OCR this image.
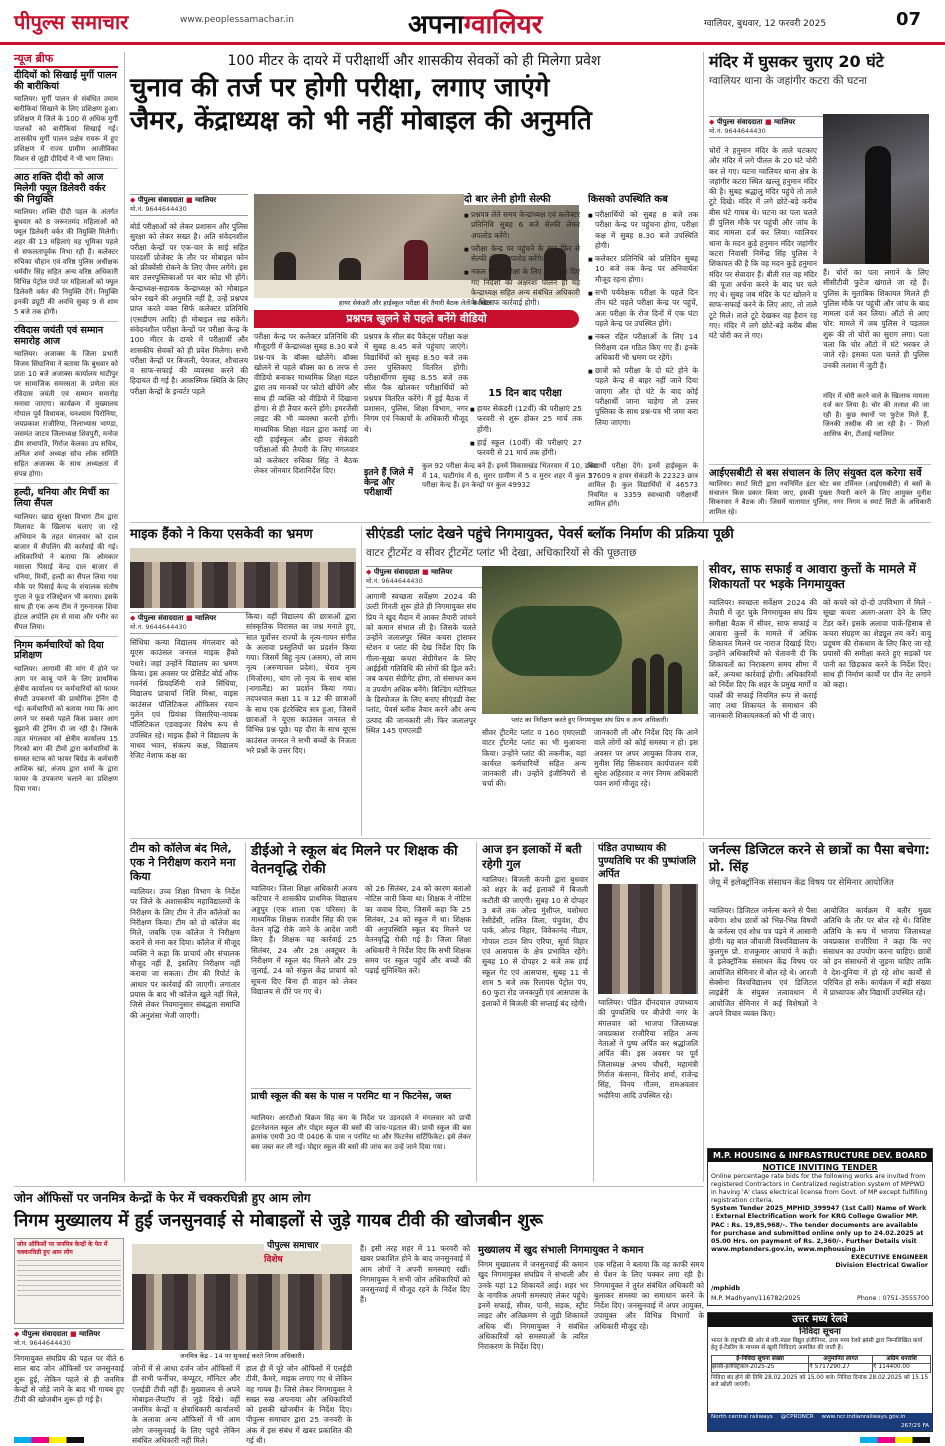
पीपुल्स समाचार	www.peoplessamachar.in	अपनाग्वालियर	ग्वालियर, बुधवार, 12 फरवरी 2025	07
न्यूज ब्रीफ
दीदियों को सिखाईं मुर्गी पालन की बारीकियां
ग्वालियर। मुर्गी पालन से संबंधित तमाम बारीकियां सिखाने के लिए प्रशिक्षण हुआ। प्रशिक्षण में जिले के 100 से अधिक मुर्गी पालकों को बारीकियां सिखाई गईं। शासकीय मुर्गी पालन प्रक्षेत्र रायरू में हुए प्रशिक्षण में राज्य ग्रामीण आजीविका मिशन से जुड़ी दीदियों ने भी भाग लिया।
आठ शक्ति दीदी को आज मिलेगी फ्यूल डिलेवरी वर्कर की नियुक्ति
ग्वालियर। शक्ति दीदी पहल के अंतर्गत बुधवार को 8 जरूरतमंद महिलाओं को फ्यूल डिलेवरी वर्कर की नियुक्ति मिलेगी। शहर की 13 महिलाएं यह भूमिका पहले से सफलतापूर्वक निभा रही हैं। कलेक्टर रुचिका चौहान एवं वरिष्ठ पुलिस अधीक्षक धर्मवीर सिंह सहित अन्य वरिष्ठ अधिकारी विभिन्न पेट्रोल पंपों पर महिलाओं को फ्यूल डिलेवरी वर्कर की नियुक्ति देंगे। नियुक्ति इनकी ड्यूटी की अवधि सुबह 9 से शाम 5 बजे तक होगी।
रविदास जयंती एवं सम्मान समारोह आज
ग्वालियर। अजाक्स के जिला प्रभारी विजय सिंघानिया ने बताया कि बुधवार को प्रातः 10 बजे अजाक्स कार्यालय थाटीपुर पर सामाजिक समरसता के प्रणेता संत रविदास जयंती एवं सम्मान समारोह मनाया जाएगा। कार्यक्रम में मुख्यालय गोपाल पूर्व विधायक, घनश्याम पिरोनिया, जयप्रकाश राजौरिया, निलाभ्यास भाण्डा, जसमंत जाटव जिलाध्यक्ष शिवपुरी, मनोज डीम सभापति, गिर्राज केलका उप सचिव, अनिल शर्मा अध्यक्ष सोच लोक समिति सहित अजाक्स के साथ अध्यक्षता में संपन्न होगा।
हल्दी, धनिया और मिर्ची का लिया सैंपल
ग्वालियर। खाद्य सुरक्षा विभाग टीम द्वारा मिलावट के खिलाफ चलाए जा रहे अभियान के तहत मंगलवार को दाल बाजार में सैंपलिंग की कार्रवाई की गई। अधिकारियों ने बताया कि ओमकार मसाला पिसाई केन्द्र दाल बाजार से धनिया, मिर्ची, हल्दी का सैंपल लिया गया मौके पर पिसाई केन्द्र के संचालक संतोष गुप्ता ने फूड रजिस्ट्रेशन भी कराया। इसके साथ ही एक अन्य टीम ने गुरुनानक शिवा होटल अपोलि हम से मावा और पनीर का सैंपल लिया।
निगम कर्मचारियों को दिया प्रशिक्षण
ग्वालियर। आगामी की मांग में होने पर आग पर काबू पाने के लिए प्राथमिक क्षेत्रीय कार्यालय पर कर्मचारियों को फायर सेफ्टी उपकरणों की प्रायोगिक ट्रेनिंग दी गई। कर्मचारियों को बताया गया कि आग लगने पर सबसे पहले किस प्रकार आग बुझाने की ट्रेनिंग दी जा रही है। जिसके तहत मंगलवार को क्षेत्रीय कार्यालय 15 गिरको बाग की टीमों द्वारा कर्मचारियों के समस्त स्टाफ को फायर बिग्रेड के कर्मचारी आशिक खां, अंजय द्वारा शर्मा के द्वारा फायर के उपकरण चलाने का प्रशिक्षण दिया गया।
100 मीटर के दायरे में परीक्षार्थी और शासकीय सेवकों को ही मिलेगा प्रवेश
चुनाव की तर्ज पर होगी परीक्षा, लगाए जाएंगे
जैमर, केंद्राध्यक्ष को भी नहीं मोबाइल की अनुमति
◆ पीपुल्स संवाददाता ■ ग्वालियर
मो.नं. 9644644430
बोर्ड परीक्षाओं को लेकर प्रशासन और पुलिस सुरक्षा को लेकर सख्त है। अति संवेदनशील परीक्षा केन्द्रों पर एक-चार के साई सहित पारदर्शी प्रोजेक्ट के तौर पर मोबाइल फोन को फ्रीक्वेंसी रोकने के लिए जैमर लगेंगे। इस बार उत्तरपुस्तिकाओं पर बार कोड भी होंगे। केन्द्राध्यक्ष-सहायक केन्द्राध्यक्ष को मोबाइल फोन रखने की अनुमति नहीं है, उन्हें प्रश्नपत्र प्राप्त करते वक्त सिर्फ कलेक्टर प्रतिनिधि (एसडीएम आदि) ही मोबाइल रख सकेंगे। संवेदनशील परीक्षा केन्द्रों पर परीक्षा केन्द्र के 100 मीटर के दायरे में परीक्षार्थी और शासकीय सेवकों को ही प्रवेश मिलेगा। सभी परीक्षा केन्द्रों पर बिजली, पेयजल, शौचालय व साफ-सफाई की व्यवस्था करने की हिदायत दी गई है। आकस्मिक स्थिति के लिए परीक्षा केन्द्रों के इन्वर्टर पहले
हायर सेकंडरी और हाईस्कूल परीक्षा की तैयारी बैठक लेती कलेक्टर।
प्रश्नपत्र खुलने से पहले बनेंगे वीडियो
परीक्षा केन्द्र पर कलेक्टर प्रतिनिधि की मौजूदगी में केन्द्राध्यक्ष सुबह 8.30 बजे प्रश्न-पत्र के बॉक्स खोलेंगे। बॉक्स खोलने से पहले बॉक्स का 6 तरफ से वीडियो बनाकर माध्यमिक शिक्षा मंडल द्वारा तय मानकों पर फोटो खींचेंगे और साथ ही व्यक्ति को वीडियो में दिखाना होगा। से ही तैयार करने होंगे। इमरजेंसी लाइट की भी व्यवस्था करनी होगी। माध्यमिक शिक्षा मंडल द्वारा कराई जा रही हाईस्कूल और हायर सेकंडरी परीक्षाओं की तैयारी के लिए मंगलवार को कलेक्टर रुचिका सिंह ने बैठक लेकर जोनवार दिशानिर्देश दिए।
प्रश्नपत्र के सील बंद पैकेट्स परीक्षा कक्ष में सुबह 8.45 बजे पहुंचाए जाएंगे। विद्यार्थियों को सुबह 8.50 बजे तक उत्तर पुस्तिकाएं वितरित होंगी। परीक्षार्थीगण सुबह 8.55 बजे तक सील पैक खोलकर परीक्षार्थियों को प्रश्नपत्र वितरित करेंगे। मैं हुई बैठक में प्रशासन, पुलिस, शिक्षा विभाग, नगर निगम एवं निकायों के अधिकारी मौजूद थे।
इतने हैं जिले में केन्द्र और परीक्षार्थी
कुल 92 परीक्षा केन्द्र बने हैं। इनमें विकासखंड भितरवार में 10, डबरा में 14, घाटीगांव में 6, मुरार ग्रामीण में 5 व मुरार शहर में कुल 57 परीक्षा केन्द्र हैं। इन केन्द्रों पर कुल 49932
दो बार लेनी होगी सेल्फी
■ प्रश्नपत्र लेते समय केन्द्राध्यक्ष एवं कलेक्टर प्रतिनिधि सुबह 6 बजे सेल्फी लेकर अपलोड करेंगे।
■ परीक्षा केन्द्र पर पहुंचने के बाद फिर से सेल्फी लेकर अपलोड करेंगे।
■ नकल रहित परीक्षा के लिए बोर्ड द्वारा दिए गए निर्देशों का अक्षरशः पालन हो यह केन्द्राध्यक्ष सहित अन्य संबंधित अधिकारी के खिलाफ कार्रवाई होगी।
15 दिन बाद परीक्षा
■ हायर सेकंडरी (12वीं) की परीक्षाएं 25 फरवरी से शुरू होकर 25 मार्च तक होंगी।
■ हाई स्कूल (10वीं) की परीक्षाएं 27 फरवरी से 21 मार्च तक होंगी।
किसको उपस्थिति कब
■ परीक्षार्थियों को सुबह 8 बजे तक परीक्षा केन्द्र पर पहुंचना होगा, परीक्षा कक्ष में सुबह 8.30 बजे उपस्थिति होगी।
■ कलेक्टर प्रतिनिधि को प्रतिदिन सुबह 10 बजे तक केन्द्र पर अनिवार्यतः मौजूद रहना होगा।
■ सभी पर्यवेक्षक परीक्षा के पहले दिन तीन घंटे पहले परीक्षा केन्द्र पर पहुंचें, अतः परीक्षा के रोज दिनों में एक घंटा पहले केन्द्र पर उपस्थित होंगे।
■ नकल रहित परीक्षाओं के लिए 14 निरीक्षण दल गठित किए गए हैं। इनके अधिकारी भी भ्रमण पर रहेंगे।
■ छात्रों को परीक्षा के दो घंटे होने के पहले केन्द्र से बाहर नहीं जाने दिया जाएगा और दो घंटे के बाद कोई परीक्षार्थी जाना चाहेगा तो उत्तर पुस्तिका के साथ प्रश्न-पत्र भी जमा करा लिया जाएगा।
विद्यार्थी परीक्षा देंगे। इनमें हाईस्कूल के 27609 व हायर सेकंडरी के 22323 छात्र शामिल हैं। कुल विद्यार्थियों में 46573 नियमित व 3359 स्वाध्यायी परीक्षार्थी शामिल होंगे।
मंदिर में घुसकर चुराए 20 घंटे
ग्वालियर थाना के जहांगीर कटरा की घटना
◆ पीपुल्स संवाददाता ■ ग्वालियर
मो.नं. 9644644430
चोरों ने हनुमान मंदिर के ताले चटकाए और मंदिर में लगे पीतल के 20 घंटे चोरी कर ले गए। घटना ग्वालियर थाना क्षेत्र के जहांगीर कटरा स्थित खल्लू हनुमान मंदिर की है। सुबह श्रद्धालु मंदिर पहुंचे तो ताले टूटे दिखे। मंदिर में लगे छोटे-बड़े करीब बीस घंटे गायब थे। घटना का पता चलते ही पुलिस मौके पर पहुंची और जांच के बाद मामला दर्ज कर लिया। ग्वालियर थाना के मदन कुड़े हनुमान मंदिर जहांगीर कटरा निवासी निर्मेन्द्र सिंह पुलिस ने शिकायत की है कि वह मदन कुड़े हनुमान मंदिर पर सेवादार हैं। बीती रात वह मंदिर की पूजा अर्चना करने के बाद घर चले गए थे। सुबह जब मंदिर के पट खोलने व साफ-सफाई करने के लिए आए, तो ताले टूटे मिले। ताले टूटे देखकर वह हैरान रह गए। मंदिर में लगे छोटे-बड़े करीब बीस घंटे चोरी कर ले गए।
हैं। चोरों का पता लगाने के लिए सीसीटीवी फुटेज खंगाले जा रहे हैं। पुलिस के मुताबिक शिकायत मिलते ही पुलिस मौके पर पहुंची और जांच के बाद मामला दर्ज कर लिया। ऑटो से आए चोर: मामले में जब पुलिस ने पड़ताल शुरू की तो चोरों का सुराग लगा। पता चला कि चोर ऑटो में घंटे भरकर ले जाते रहे। इसका पता चलते ही पुलिस उनकी तलाश में जुटी है।
मंदिर में चोरी करने वाले के खिलाफ मामला दर्ज कर लिया है। चोर की तलाश की जा रही है। कुछ स्थानों पर फुटेज मिले हैं, जिनकी तस्दीक की जा रही है। - मिर्ज़ा आसिफ बेग, टीआई ग्वालियर
आईएसबीटी से बस संचालन के लिए संयुक्त दल करेगा सर्वे
ग्वालियर। स्मार्ट सिटी द्वारा नवनिर्मित इंटर स्टेट बस टर्मिनल (आईएसबीटी) से बसों के संचालन किस प्रकार किया जाए, इसकी पुख्ता तैयारी करने के लिए आयुक्त मुनीश सिकरवार ने बैठक ली। जिसमें यातायात पुलिस, नगर निगम व स्मार्ट सिटी के अधिकारी शामिल रहे।
माइक हैंको ने किया एसकेवी का भ्रमण
◆ पीपुल्स संवाददाता ■ ग्वालियर
मो.नं. 9644644430
सिंधिया कन्या विद्यालय मंगलवार को यूएस काउंसल जनरल माइक हैंको पधारे। जहां उन्होंने विद्यालय का भ्रमण किया। इस अवसर पर प्रेसिडेंट बोर्ड ऑफ गवर्नर्स प्रियदर्शिनी राजे सिंधिया, विद्यालय प्राचार्या निशि मिश्रा, वाइस काउंसल पॉलिटिकल ऑफिसर रयान गुलेन एवं प्रियंका विसारिया-नायक पॉलिटिकल एडवाइजर विशेष रूप से उपस्थित रहे। माइक हैंको ने विद्यालय के माधव भवन, संकल्प कक्ष, विद्यालय रेजिट नेशाफ कक्ष का
किया। वहीं विद्यालय की छात्राओं द्वारा सांस्कृतिक विरासत का जश्न मनाते हुए, सात पूर्वोत्तर राज्यों के नृत्य-गायन संगीत के अलावा प्रस्तुतियों का प्रदर्शन किया गया। जिसमें बिहू नृत्य (असम), लो लाम नृत्य (अरुणाचल प्रदेश), चेराव नृत्य (मिजोरम), चांग लो नृत्य के साथ बांस (नागालैंड) का प्रदर्शन किया गया। तदपश्चात कक्षा 11 व 12 की छात्राओं के साथ एक इंटरेक्टिव सत्र हुआ, जिसमें छात्राओं ने यूएस काउंसल जनरल से विभिन्न प्रश्न पूछे। यह दौरा के साथ यूएस काउंसल जनरल ने सभी बच्चों के निजता भरे प्रश्नों के उत्तर दिए।
सीएंडडी प्लांट देखने पहुंचे निगमायुक्त, पेवर्स ब्लॉक निर्माण की प्रक्रिया पूछी
वाटर ट्रीटमेंट व सीवर ट्रीटमेंट प्लांट भी देखा, अधिकारियों से की पूछताछ
◆ पीपुल्स संवाददाता ■ ग्वालियर
मो.नं. 9644644430
आगामी स्वच्छता सर्वेक्षण 2024 की उल्टी गिनती शुरू होते ही निगमायुक्त संघ प्रिय ने खुद मैदान में आकर तैयारी जांचने को कमान संभाल ली है। जिसके चलते उन्होंने जलालपुर स्थित कचरा ट्रांसफर स्टेशन व प्लांट की देख निर्देश दिए कि गीला-सूखा कचरा सेग्रीगेशन के लिए आईईसी गतिविधि की लोगों की ड्रिल करें। जब कचरा सेग्रीगेट होगा, तो संसाधन कम व उपयोग अधिक बनेंगे। बिल्डिंग मटेरियल के डिस्पोजल के लिए बनाए सीएंडडी वेस्ट प्लांट, पेवर्स ब्लॉक तैयार करने और अन्य उत्पाद की जानकारी ली। फिर जलालपुर स्थित 145 एमएलडी
प्लांट का निरीक्षण करते हुए निगमायुक्त संघ प्रिय व अन्य अधिकारी।
सीवर ट्रीटमेंट प्लांट व 160 एमएलडी वाटर ट्रीटमेंट प्लांट का भी मुआयना किया। उन्होंने प्लांट की तकनीक, वहां कार्यरत कर्मचारियों सहित अन्य जानकारी ली। उन्होंने इंजीनियरों से चर्चा की।
जानकारी ली और निर्देश दिए कि आने वाले लोगों को कोई समस्या न हो। इस अवसर पर अपर आयुक्त विजय राज, मुनीश सिंह सिकरवार कार्यपालन यंत्री सुरेश अहिरवार व नगर निगम अधिकारी पवन शर्मा मौजूद रहे।
सीवर, साफ सफाई व आवारा कुत्तों के मामले में शिकायतों पर भड़के निगमायुक्त
ग्वालियर। स्वच्छता सर्वेक्षण 2024 की तैयारी में जुट चुके निगमायुक्त संघ प्रिय समीक्षा बैठक में सीवर, साफ सफाई व आवारा कुत्तों के मामले में अधिक शिकायत मिलने पर नाराज दिखाई दिए। उन्होंने अधिकारियों को चेतावनी दी कि शिकायतों का निराकरण समय सीमा में करें, अन्यथा कार्रवाई होगी। अधिकारियों को निर्देश दिए कि शहर के प्रमुख मार्गों व पार्कों की सफाई नियमित रूप से कराई जाए तथा शिकायत के समाधान की जानकारी शिकायतकर्ता को भी दी जाए।
को कचरे को दो-दो उपविभाग में मिले - सूखा कचरा अलग-अलग देने के लिए टेंडर करें। इसके अलावा पार्क-हिसाब से कचरा संग्रहण का शेड्यूल तय करें। वायु प्रदूषण की रोकथाम के लिए किए जा रहे प्रयासों की समीक्षा करते हुए सड़कों पर पानी का छिड़काव करने के निर्देश दिए। साथ ही निर्माण कार्यों पर ग्रीन नेट लगाने को कहा।
टीम को कॉलेज बंद मिले, एक ने निरीक्षण कराने मना किया
ग्वालियर। उच्च शिक्षा विभाग के निर्देश पर जिले के अशासकीय महाविद्यालयों के निरीक्षण के लिए टीम ने तीन कॉलेजों का निरीक्षण किया। टीम को दो कॉलेज बंद मिले, जबकि एक कॉलेज ने निरीक्षण कराने से मना कर दिया। कॉलेज में मौजूद व्यक्ति ने कहा कि प्राचार्य और संचालक मौजूद नहीं हैं, इसलिए निरीक्षण नहीं कराया जा सकता। टीम की रिपोर्ट के आधार पर कार्रवाई की जाएगी। लगातार प्रयास के बाद भी कॉलेज खुले नहीं मिले, जिसे लेकर नियमानुसार संबद्धता समाप्ति की अनुशंसा भेजी जाएगी।
डीईओ ने स्कूल बंद मिलने पर शिक्षक की वेतनवृद्धि रोकी
ग्वालियर। जिला शिक्षा अधिकारी अजय कटियार ने शासकीय प्राथमिक विद्यालय अड्डपुर (एक शाला एक परिसर) के माध्यमिक शिक्षक राजवीर सिंह की एक वेतन वृद्धि रोके जाने के आदेश जारी किए हैं। शिक्षक यह कार्रवाई 25 सितंबर, 24 और 28 अक्टूबर के निरीक्षण में स्कूल बंद मिलने और 29 जुलाई, 24 को संकुल केंद्र प्राचार्य को सूचना दिए बिना ही वाहन को लेकर विद्यालय से दौरे पर गए थे।
को 26 सितंबर, 24 को कारण बताओ नोटिस जारी किया था। शिक्षक ने नोटिस का जवाब दिया, जिसमें कहा कि 25 सितंबर, 24 को स्कूल में था। शिक्षक की अनुपस्थिति स्कूल बंद मिलने पर वेतनवृद्धि रोकी गई है। जिला शिक्षा अधिकारी ने निर्देश दिए कि सभी शिक्षक समय पर स्कूल पहुंचें और बच्चों की पढ़ाई सुनिश्चित करें।
प्राची स्कूल की बस के पास न परमिट था न फिटनेस, जब्त
ग्वालियर। आरटीओ विक्रम सिंह कंग के निर्देश पर उड़नदस्ते ने मंगलवार को प्राची इंटरनेशनल स्कूल और पोद्दार स्कूल की बसों की जांच-पड़ताल की। प्राची स्कूल की बस क्रमांक एमपी 30 पी 0406 के पास न परमिट था और फिटनेस सर्टिफिकेट। इसे लेकर बस जब्त कर ली गई। पोद्दार स्कूल की बसों की जांच कर उन्हें जाने दिया गया।
आज इन इलाकों में बती रहेगी गुल
ग्वालियर। बिजली कंपनी द्वारा बुधवार को शहर के कई इलाकों में बिजली कटौती की जाएगी। सुबह 10 से दोपहर 3 बजे तक ओल्ड मुंशीप्ल, यशोधरा रेसीडेंसी, ललित विला, पंचुवंश, दीप पार्क, ओल्ड विहार, विवेकानंद नीडम, गोपाल टाउन शिप एरिया, सूर्या विहार एवं आसपास के क्षेत्र प्रभावित रहेंगे। सुबह 10 से दोपहर 2 बजे तक हाई स्कूल गेट एवं आसपास, सुबह 11 से शाम 5 बजे तक रिलायंस पेट्रोल पंप, 60 फुटा रोड जनकपुरी एवं आसपास के इलाकों में बिजली की सप्लाई बंद रहेगी।
पंडित उपाध्याय की पुण्यतिथि पर की पुष्पांजलि अर्पित
ग्वालियर। पंडित दीनदयाल उपाध्याय की पुण्यतिथि पर बीजेपी नगर के मंगलवार को भाजपा जिलाध्यक्ष जयप्रकाश राजौरिया सहित अन्य नेताओं ने पुष्प अर्पित कर श्रद्धांजलि अर्पित की। इस अवसर पर पूर्व जिलाध्यक्ष अभय चौधरी, महामंत्री गिर्राज कंसाना, विनोद शर्मा, राजेन्द्र सिंह, विनय गौतम, रामअवतार भदौरिया आदि उपस्थित रहे।
जर्नल्स डिजिटल करने से छात्रों का पैसा बचेगा: प्रो. सिंह
जेयू में इलेक्ट्रॉनिक संसाधन केंद्र विषय पर सेमिनार आयोजित
ग्वालियर। डिजिटल जर्नल्स करने से पैसा बचेगा। शोध छात्रों को भिन्न-भिन्न विषयों के जर्नल्स एवं शोध पत्र पढ़ने में आसानी होगी। यह बात जीवाजी विश्वविद्यालय के कुलगुरु प्रो. राजकुमार आचार्य ने कही। वे इलेक्ट्रॉनिक संसाधन केंद्र विषय पर आयोजित सेमिनार में बोल रहे थे। आरजी सेक्सेना विश्वविद्यालय एवं डिजिटल लाइब्रेरी के संयुक्त तत्वावधान में आयोजित सेमिनार में कई विशेषज्ञों ने अपने विचार व्यक्त किए।
आयोजित कार्यक्रम में बतौर मुख्य अतिथि के तौर पर बोल रहे थे। विशिष्ट अतिथि के रूप में भाजपा जिलाध्यक्ष जयप्रकाश राजौरिया ने कहा कि नए संसाधन का उपयोग करना चाहिए। छात्रों को इन संसाधनों से जुड़ना चाहिए ताकि वे देश-दुनिया में हो रहे शोध कार्यों से परिचित हो सकें। कार्यक्रम में बड़ी संख्या में प्राध्यापक और विद्यार्थी उपस्थित रहे।
M.P. HOUSING & INFRASTRUCTURE DEV. BOARD
NOTICE INVITING TENDER
Online percentage rate bids for the following works are invited from registered Contractors in Centralized registration system of MPPWD in having 'A' class electrical license from Govt. of MP except fulfilling registration criteria.
System Tender 2025_MPHID_399947 (1st Call) Name of Work : External Electrification work for KRG College Gwalior MP. PAC : Rs. 19,85,968/-. The tender documents are available for purchase and submitted online only up to 24.02.2025 at 05.00 Hrs. on payment of Rs. 2,360/-. Further Details visit www.mptenders.gov.in, www.mphousing.in
EXECUTIVE ENGINEER
Division Electrical Gwalior
/mphidb
M.P. Madhyam/116782/2025	Phone : 0751-3555700
जोन ऑफिसों पर जनमित्र केन्द्रों के फेर में चक्करघिन्नी हुए आम लोग
निगम मुख्यालय में हुई जनसुनवाई से मोबाइलों से जुड़े गायब टीवी की खोजबीन शुरू
जोन ऑफिसों पर जनमित्र केन्द्रों के फेर में चक्करघिन्नी हुए आम लोग
◆ पीपुल्स संवाददाता ■ ग्वालियर
मो.नं. 9644644430
निगमायुक्त संघप्रिय की पहल पर वीते 6 साल बाद जोन ऑफिसों पर जनसुनवाई शुरू हुई, लेकिन पहले से ही जनमित्र केन्द्रों से जोड़े जाने के बाद भी गायब हुए टीवी की खोजबीन शुरू हो गई है।
पीपुल्स समाचार
विशेष
जनमित्र केंद्र - 14 पर सुनवाई करते निगम अधिकारी।
जोनों में से आधा दर्जन जोन ऑफिसों में ही सभी फर्नीचर, कंप्यूटर, मॉनिटर और एलईडी टीवी नहीं हैं। मुख्यालय से अपने मोबाइल-लैपटॉप से जुड़े दिखे। वहीं जनमित्र केन्द्रों व क्षेत्राधिकारी कार्यालयों के अलावा अन्य ऑफिसों में भी आम लोग जनसुनवाई के लिए पहुंचे लेकिन संबंधित अधिकारी नहीं मिले।
हाल ही में पूरे जोन ऑफिसों में एलईडी टीवी, कैमरे, माइक लगाए गए थे लेकिन वह गायब हैं। जिसे लेकर निगमायुक्त ने सख्त रुख अपनाया और अधिकारियों को इसकी खोजबीन के निर्देश दिए। पीपुल्स समाचार द्वारा 25 जनवरी के अंक में इस संबंध में खबर प्रकाशित की गई थी।
हैं। इसी तरह शहर में 11 फरवरी को खबर प्रकाशित होने के बाद जनसुनवाई में आम लोगों ने अपनी समस्याएं रखीं। निगमायुक्त ने सभी जोन अधिकारियों को जनसुनवाई में मौजूद रहने के निर्देश दिए हैं।
मुख्यालय में खुद संभाली निगमायुक्त ने कमान
निगम मुख्यालय में जनसुनवाई की कमान खुद निगमायुक्त संघप्रिय ने संभाली और उनके यहां 12 शिकायतें आई। शहर भर के नागरिक अपनी समस्याएं लेकर पहुंचे। इनमें सफाई, सीवर, पानी, सड़क, स्ट्रीट लाइट और अतिक्रमण से जुड़ी शिकायतें अधिक थीं। निगमायुक्त ने संबंधित अधिकारियों को समस्याओं के त्वरित निराकरण के निर्देश दिए।
एक महिला ने बताया कि वह काफी समय से पेंशन के लिए चक्कर लगा रही है। निगमायुक्त ने तुरंत संबंधित अधिकारी को बुलाकर समस्या का समाधान करने के निर्देश दिए। जनसुनवाई में अपर आयुक्त, उपायुक्त और विभिन्न विभागों के अधिकारी मौजूद रहे।
उत्तर मध्य रेलवे
निविदा सूचना
भारत के राष्ट्रपति की ओर से वरि.मंडल विद्युत इंजीनियर, उत्तर मध्य रेलवे झांसी द्वारा निम्नलिखित कार्य हेतु ई-टेंडरिंग के माध्यम से खुली निविदाएं आमंत्रित की जाती हैं।
ई-निविदा सूचना संख्या	अनुमानित लागत	अग्रिम धनराशि
झांसी-इलेक्ट्रिकल-2025-25	₹ 5717290.27	₹ 114400.00
निविदा बंद होने की तिथि 28.02.2025 को 15.00 बजे। निविदा दिनांक 28.02.2025 को 15.15 बजे खोली जाएंगी।
North central railways @CPRONCR www.ncr.indianrailways.gov.in
267/25 FA
